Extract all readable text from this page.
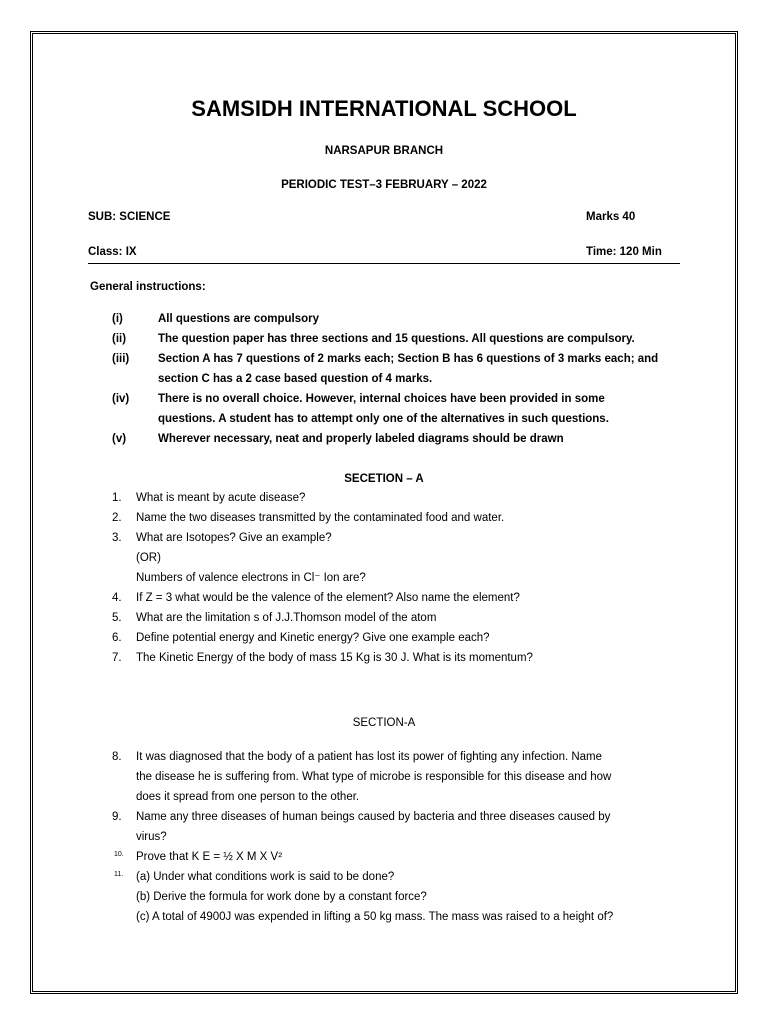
SAMSIDH INTERNATIONAL SCHOOL
NARSAPUR BRANCH
PERIODIC TEST–3 FEBRUARY – 2022
SUB: SCIENCE	Marks 40
Class: IX	Time: 120 Min
General instructions:
(i)	All questions are compulsory
(ii)	The question paper has three sections and 15 questions. All questions are compulsory.
(iii)	Section A has 7 questions of 2 marks each; Section B has 6 questions of 3 marks each; and
section C has a 2 case based question of 4 marks.
(iv)	There is no overall choice. However, internal choices have been provided in some
questions. A student has to attempt only one of the alternatives in such questions.
(v)	Wherever necessary, neat and properly labeled diagrams should be drawn
SECETION – A
1. What is meant by acute disease?
2. Name the two diseases transmitted by the contaminated food and water.
3. What are Isotopes? Give an example?
(OR)
Numbers of valence electrons in Cl⁻ Ion are?
4. If Z = 3 what would be the valence of the element? Also name the element?
5. What are the limitation s of J.J.Thomson model of the atom
6. Define potential energy and Kinetic energy? Give one example each?
7. The Kinetic Energy of the body of mass 15 Kg is 30 J. What is its momentum?
SECTION-A
8. It was diagnosed that the body of a patient has lost its power of fighting any infection. Name
the disease he is suffering from. What type of microbe is responsible for this disease and how
does it spread from one person to the other.
9. Name any three diseases of human beings caused by bacteria and three diseases caused by
virus?
10. Prove that K E = ½ X M X V²
11. (a) Under what conditions work is said to be done?
(b) Derive the formula for work done by a constant force?
(c) A total of 4900J was expended in lifting a 50 kg mass. The mass was raised to a height of?
